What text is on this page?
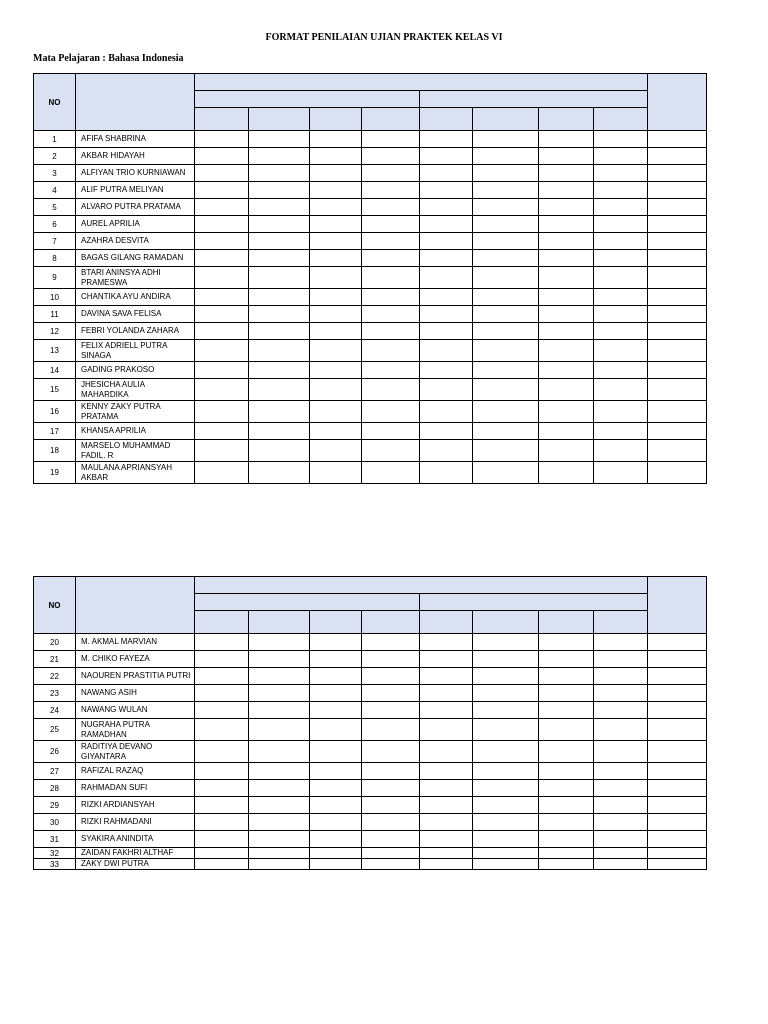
FORMAT PENILAIAN UJIAN PRAKTEK KELAS VI
Mata Pelajaran : Bahasa Indonesia
NO										

1	AFIFA SHABRINA									
2	AKBAR HIDAYAH									
3	ALFIYAN TRIO KURNIAWAN									
4	ALIF PUTRA MELIYAN									
5	ALVARO PUTRA PRATAMA									
6	AUREL APRILIA									
7	AZAHRA DESVITA									
8	BAGAS GILANG RAMADAN									
9	BTARI ANINSYA ADHI PRAMESWA									
10	CHANTIKA AYU ANDIRA									
11	DAVINA SAVA FELISA									
12	FEBRI YOLANDA ZAHARA									
13	FELIX ADRIELL PUTRA SINAGA									
14	GADING PRAKOSO									
15	JHESICHA AULIA MAHARDIKA									
16	KENNY ZAKY PUTRA PRATAMA									
17	KHANSA APRILIA									
18	MARSELO MUHAMMAD FADIL. R									
19	MAULANA APRIANSYAH AKBAR									
NO										

20	M. AKMAL MARVIAN									
21	M. CHIKO FAYEZA									
22	NAOUREN PRASTITIA PUTRI									
23	NAWANG ASIH									
24	NAWANG WULAN									
25	NUGRAHA PUTRA RAMADHAN									
26	RADITIYA DEVANO GIYANTARA									
27	RAFIZAL RAZAQ									
28	RAHMADAN SUFI									
29	RIZKI ARDIANSYAH									
30	RIZKI RAHMADANI									
31	SYAKIRA ANINDITA									
32	ZAIDAN FAKHRI ALTHAF									
33	ZAKY DWI PUTRA									
